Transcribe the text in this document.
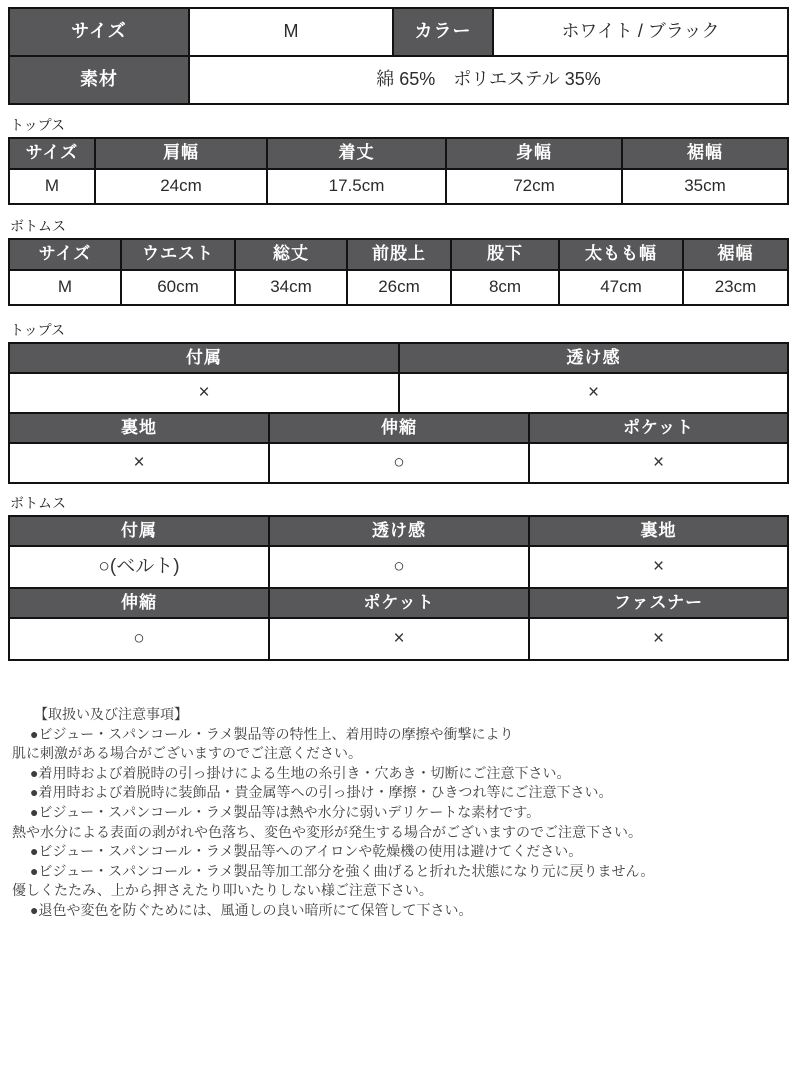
サイズ	M	カラー	ホワイト / ブラック
素材	綿 65%　ポリエステル 35%		
トップス
サイズ	肩幅	着丈	身幅	裾幅
M	24cm	17.5cm	72cm	35cm
ボトムス
サイズ	ウエスト	総丈	前股上	股下	太もも幅	裾幅
M	60cm	34cm	26cm	8cm	47cm	23cm
トップス
付属		透け感	
×		×	
裏地	伸縮		ポケット
×	○		×
ボトムス
付属	透け感	裏地
○(ベルト)	○	×
伸縮	ポケット	ファスナー
○	×	×
【取扱い及び注意事項】
●ビジュー・スパンコール・ラメ製品等の特性上、着用時の摩擦や衝撃により
肌に刺激がある場合がございますのでご注意ください。
●着用時および着脱時の引っ掛けによる生地の糸引き・穴あき・切断にご注意下さい。
●着用時および着脱時に装飾品・貴金属等への引っ掛け・摩擦・ひきつれ等にご注意下さい。
●ビジュー・スパンコール・ラメ製品等は熱や水分に弱いデリケートな素材です。
熱や水分による表面の剥がれや色落ち、変色や変形が発生する場合がございますのでご注意下さい。
●ビジュー・スパンコール・ラメ製品等へのアイロンや乾燥機の使用は避けてください。
●ビジュー・スパンコール・ラメ製品等加工部分を強く曲げると折れた状態になり元に戻りません。
優しくたたみ、上から押さえたり叩いたりしない様ご注意下さい。
●退色や変色を防ぐためには、風通しの良い暗所にて保管して下さい。
